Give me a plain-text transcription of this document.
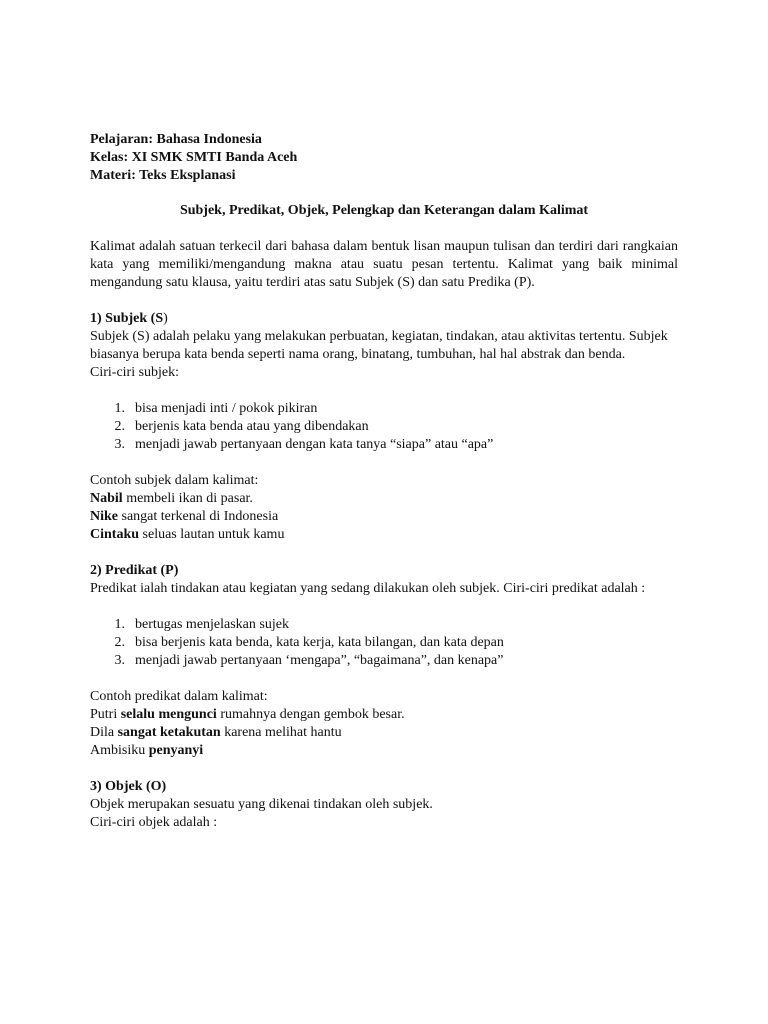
Pelajaran: Bahasa Indonesia

Kelas: XI SMK SMTI Banda Aceh

Materi: Teks Eksplanasi

Subjek, Predikat, Objek, Pelengkap dan Keterangan dalam Kalimat

Kalimat adalah satuan terkecil dari bahasa dalam bentuk lisan maupun tulisan dan terdiri dari rangkaian kata yang memiliki/mengandung makna atau suatu pesan tertentu. Kalimat yang baik minimal mengandung satu klausa, yaitu terdiri atas satu Subjek (S) dan satu Predika (P).

1) Subjek (S)

Subjek (S) adalah pelaku yang melakukan perbuatan, kegiatan, tindakan, atau aktivitas tertentu. Subjek biasanya berupa kata benda seperti nama orang, binatang, tumbuhan, hal hal abstrak dan benda.

Ciri-ciri subjek:

1. bisa menjadi inti / pokok pikiran
2. berjenis kata benda atau yang dibendakan
3. menjadi jawab pertanyaan dengan kata tanya “siapa” atau “apa”

Contoh subjek dalam kalimat:

Nabil membeli ikan di pasar.

Nike sangat terkenal di Indonesia

Cintaku seluas lautan untuk kamu

2) Predikat (P)

Predikat ialah tindakan atau kegiatan yang sedang dilakukan oleh subjek. Ciri-ciri predikat adalah :

1. bertugas menjelaskan sujek
2. bisa berjenis kata benda, kata kerja, kata bilangan, dan kata depan
3. menjadi jawab pertanyaan ‘mengapa”, “bagaimana”, dan kenapa”

Contoh predikat dalam kalimat:

Putri selalu mengunci rumahnya dengan gembok besar.

Dila sangat ketakutan karena melihat hantu

Ambisiku penyanyi

3) Objek (O)

Objek merupakan sesuatu yang dikenai tindakan oleh subjek.

Ciri-ciri objek adalah :
